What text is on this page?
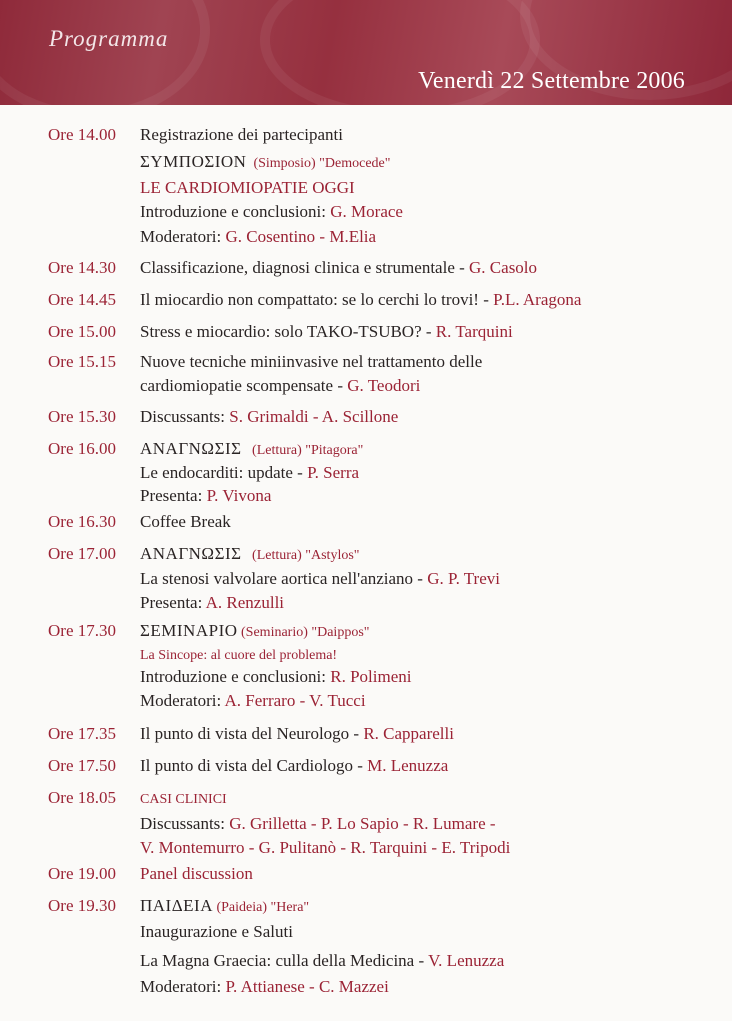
Programma
Venerdì 22 Settembre 2006
Ore 14.00 Registrazione dei partecipanti
ΣΥΜΠΟΣΙΟΝ  (Simposio) "Democede"
LE CARDIOMIOPATIE OGGI
Introduzione e conclusioni: G. Morace
Moderatori: G. Cosentino - M.Elia
Ore 14.30 Classificazione, diagnosi clinica e strumentale - G. Casolo
Ore 14.45 Il miocardio non compattato: se lo cerchi lo trovi! - P.L. Aragona
Ore 15.00 Stress e miocardio: solo TAKO-TSUBO? - R. Tarquini
Ore 15.15 Nuove tecniche miniinvasive nel trattamento delle
cardiomiopatie scompensate - G. Teodori
Ore 15.30 Discussants: S. Grimaldi - A. Scillone
Ore 16.00 ΑΝΑΓΝΩΣΙΣ   (Lettura) "Pitagora"
Le endocarditi: update - P. Serra
Presenta: P. Vivona
Ore 16.30 Coffee Break
Ore 17.00 ΑΝΑΓΝΩΣΙΣ   (Lettura) "Astylos"
La stenosi valvolare aortica nell'anziano - G. P. Trevi
Presenta: A. Renzulli
Ore 17.30 ΣΕΜΙΝΑΡΙΟ (Seminario) "Daippos"
La Sincope: al cuore del problema!
Introduzione e conclusioni: R. Polimeni
Moderatori: A. Ferraro - V. Tucci
Ore 17.35 Il punto di vista del Neurologo - R. Capparelli
Ore 17.50 Il punto di vista del Cardiologo - M. Lenuzza
Ore 18.05 CASI CLINICI
Discussants: G. Grilletta - P. Lo Sapio - R. Lumare -
V. Montemurro - G. Pulitanò - R. Tarquini - E. Tripodi
Ore 19.00 Panel discussion
Ore 19.30 ΠΑΙΔΕΙΑ (Paideia) "Hera"
Inaugurazione e Saluti
La Magna Graecia: culla della Medicina - V. Lenuzza
Moderatori: P. Attianese - C. Mazzei
